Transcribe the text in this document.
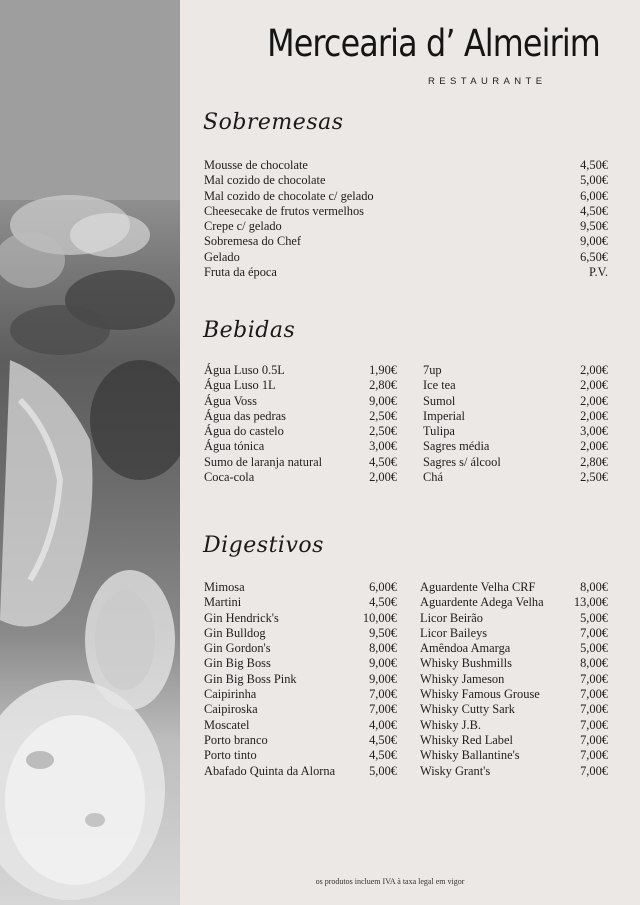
Mercearia d’ Almeirim
RESTAURANTE
Sobremesas
Mousse de chocolate	4,50€
Mal cozido de chocolate	5,00€
Mal cozido de chocolate c/ gelado	6,00€
Cheesecake de frutos vermelhos	4,50€
Crepe c/ gelado	9,50€
Sobremesa do Chef	9,00€
Gelado	6,50€
Fruta da época	P.V.
Bebidas
Água Luso 0.5L	1,90€
Água Luso 1L	2,80€
Água Voss	9,00€
Água das pedras	2,50€
Água do castelo	2,50€
Água tónica	3,00€
Sumo de laranja natural	4,50€
Coca-cola	2,00€
7up	2,00€
Ice tea	2,00€
Sumol	2,00€
Imperial	2,00€
Tulipa	3,00€
Sagres média	2,00€
Sagres s/ álcool	2,80€
Chá	2,50€
Digestivos
Mimosa	6,00€
Martini	4,50€
Gin Hendrick's	10,00€
Gin Bulldog	9,50€
Gin Gordon's	8,00€
Gin Big Boss	9,00€
Gin Big Boss Pink	9,00€
Caipirinha	7,00€
Caipiroska	7,00€
Moscatel	4,00€
Porto branco	4,50€
Porto tinto	4,50€
Abafado Quinta da Alorna	5,00€
Aguardente Velha CRF	8,00€
Aguardente Adega Velha 13,00€
Licor Beirão	5,00€
Licor Baileys	7,00€
Amêndoa Amarga	5,00€
Whisky Bushmills	8,00€
Whisky Jameson	7,00€
Whisky Famous Grouse	7,00€
Whisky Cutty Sark	7,00€
Whisky J.B.	7,00€
Whisky Red Label	7,00€
Whisky Ballantine's	7,00€
Wisky Grant's	7,00€
os produtos incluem IVA à taxa legal em vigor
